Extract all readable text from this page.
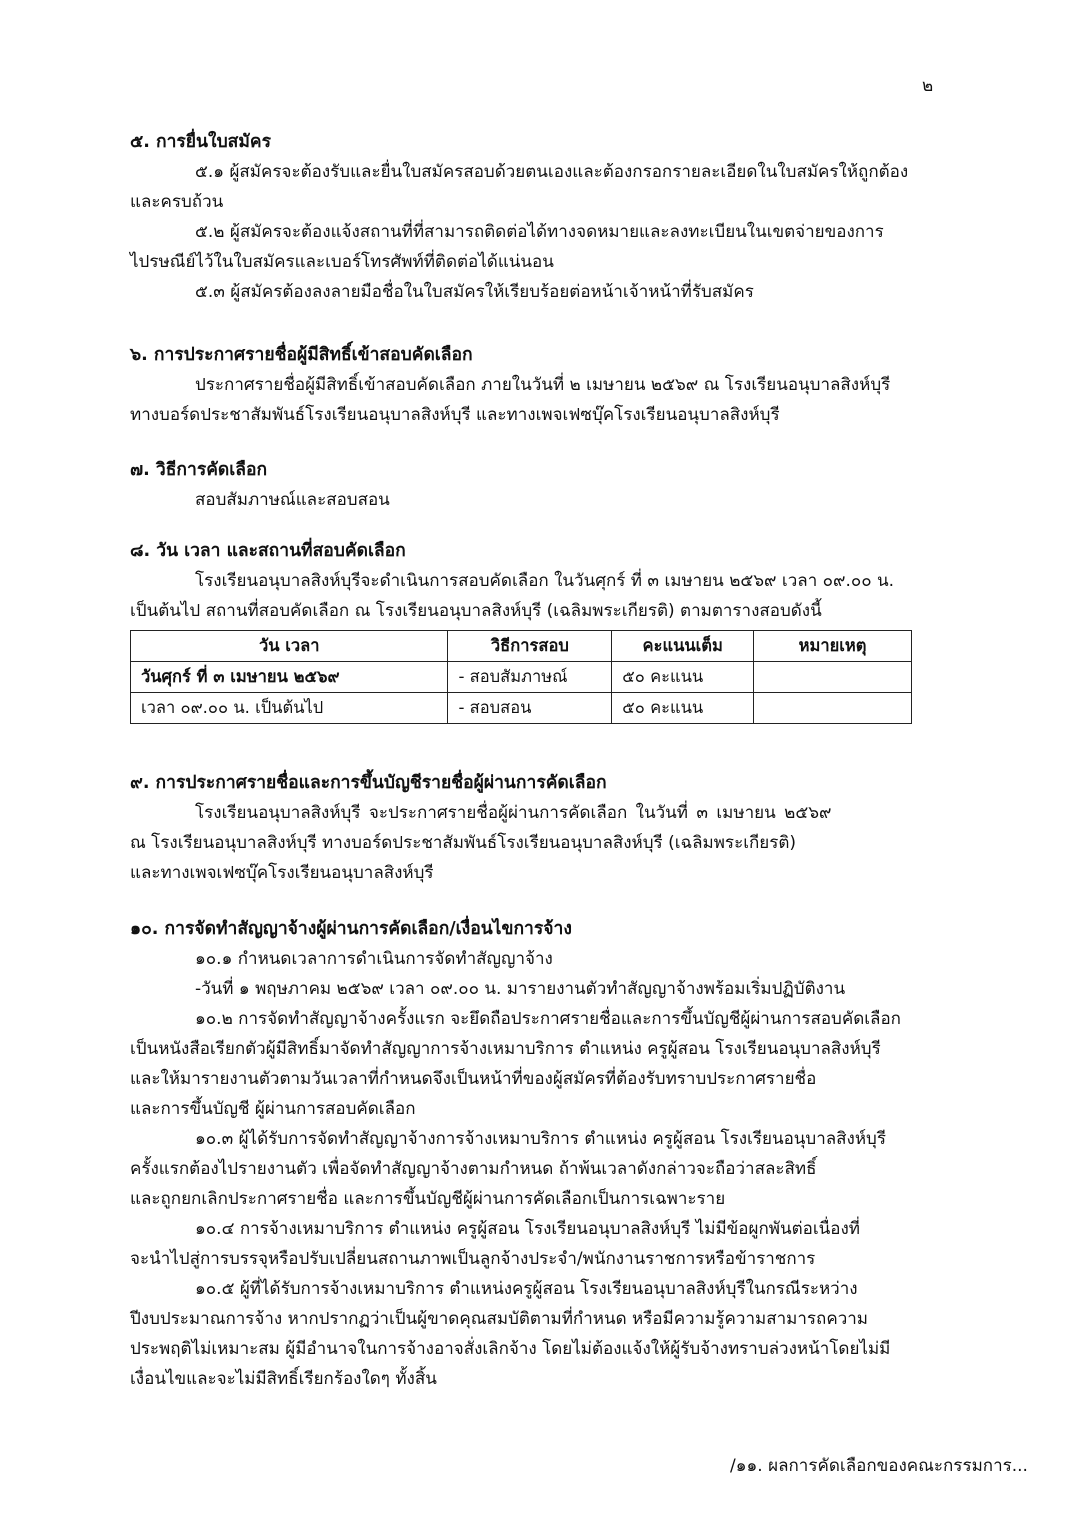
๒

๕. การยื่นใบสมัคร

๕.๑ ผู้สมัครจะต้องรับและยื่นใบสมัครสอบด้วยตนเองและต้องกรอกรายละเอียดในใบสมัครให้ถูกต้อง

และครบถ้วน

๕.๒ ผู้สมัครจะต้องแจ้งสถานที่ที่สามารถติดต่อได้ทางจดหมายและลงทะเบียนในเขตจ่ายของการ

ไปรษณีย์ไว้ในใบสมัครและเบอร์โทรศัพท์ที่ติดต่อได้แน่นอน

๕.๓ ผู้สมัครต้องลงลายมือชื่อในใบสมัครให้เรียบร้อยต่อหน้าเจ้าหน้าที่รับสมัคร

๖. การประกาศรายชื่อผู้มีสิทธิ์เข้าสอบคัดเลือก

ประกาศรายชื่อผู้มีสิทธิ์เข้าสอบคัดเลือก ภายในวันที่ ๒ เมษายน ๒๕๖๙ ณ โรงเรียนอนุบาลสิงห์บุรี

ทางบอร์ดประชาสัมพันธ์โรงเรียนอนุบาลสิงห์บุรี และทางเพจเฟซบุ๊คโรงเรียนอนุบาลสิงห์บุรี

๗. วิธีการคัดเลือก

สอบสัมภาษณ์และสอบสอน

๘. วัน เวลา และสถานที่สอบคัดเลือก

โรงเรียนอนุบาลสิงห์บุรีจะดำเนินการสอบคัดเลือก ในวันศุกร์ ที่ ๓ เมษายน ๒๕๖๙ เวลา ๐๙.๐๐ น.

เป็นต้นไป สถานที่สอบคัดเลือก ณ โรงเรียนอนุบาลสิงห์บุรี (เฉลิมพระเกียรติ) ตามตารางสอบดังนี้

วัน เวลา	วิธีการสอบ	คะแนนเต็ม	หมายเหตุ
วันศุกร์ ที่ ๓ เมษายน ๒๕๖๙	- สอบสัมภาษณ์	๕๐ คะแนน	
เวลา ๐๙.๐๐ น. เป็นต้นไป	- สอบสอน	๕๐ คะแนน	

๙. การประกาศรายชื่อและการขึ้นบัญชีรายชื่อผู้ผ่านการคัดเลือก

โรงเรียนอนุบาลสิงห์บุรี จะประกาศรายชื่อผู้ผ่านการคัดเลือก ในวันที่ ๓ เมษายน ๒๕๖๙

ณ โรงเรียนอนุบาลสิงห์บุรี ทางบอร์ดประชาสัมพันธ์โรงเรียนอนุบาลสิงห์บุรี (เฉลิมพระเกียรติ)

และทางเพจเฟซบุ๊คโรงเรียนอนุบาลสิงห์บุรี

๑๐. การจัดทำสัญญาจ้างผู้ผ่านการคัดเลือก/เงื่อนไขการจ้าง

๑๐.๑ กำหนดเวลาการดำเนินการจัดทำสัญญาจ้าง

-วันที่ ๑ พฤษภาคม ๒๕๖๙ เวลา ๐๙.๐๐ น. มารายงานตัวทำสัญญาจ้างพร้อมเริ่มปฏิบัติงาน

๑๐.๒ การจัดทำสัญญาจ้างครั้งแรก จะยึดถือประกาศรายชื่อและการขึ้นบัญชีผู้ผ่านการสอบคัดเลือก

เป็นหนังสือเรียกตัวผู้มีสิทธิ์มาจัดทำสัญญาการจ้างเหมาบริการ ตำแหน่ง ครูผู้สอน โรงเรียนอนุบาลสิงห์บุรี

และให้มารายงานตัวตามวันเวลาที่กำหนดจึงเป็นหน้าที่ของผู้สมัครที่ต้องรับทราบประกาศรายชื่อ

และการขึ้นบัญชี ผู้ผ่านการสอบคัดเลือก

๑๐.๓ ผู้ได้รับการจัดทำสัญญาจ้างการจ้างเหมาบริการ ตำแหน่ง ครูผู้สอน โรงเรียนอนุบาลสิงห์บุรี

ครั้งแรกต้องไปรายงานตัว เพื่อจัดทำสัญญาจ้างตามกำหนด ถ้าพ้นเวลาดังกล่าวจะถือว่าสละสิทธิ์

และถูกยกเลิกประกาศรายชื่อ และการขึ้นบัญชีผู้ผ่านการคัดเลือกเป็นการเฉพาะราย

๑๐.๔ การจ้างเหมาบริการ ตำแหน่ง ครูผู้สอน โรงเรียนอนุบาลสิงห์บุรี ไม่มีข้อผูกพันต่อเนื่องที่

จะนำไปสู่การบรรจุหรือปรับเปลี่ยนสถานภาพเป็นลูกจ้างประจำ/พนักงานราชการหรือข้าราชการ

๑๐.๕ ผู้ที่ได้รับการจ้างเหมาบริการ ตำแหน่งครูผู้สอน โรงเรียนอนุบาลสิงห์บุรีในกรณีระหว่าง

ปีงบประมาณการจ้าง หากปรากฏว่าเป็นผู้ขาดคุณสมบัติตามที่กำหนด หรือมีความรู้ความสามารถความ

ประพฤติไม่เหมาะสม ผู้มีอำนาจในการจ้างอาจสั่งเลิกจ้าง โดยไม่ต้องแจ้งให้ผู้รับจ้างทราบล่วงหน้าโดยไม่มี

เงื่อนไขและจะไม่มีสิทธิ์เรียกร้องใดๆ ทั้งสิ้น

/๑๑. ผลการคัดเลือกของคณะกรรมการ...
